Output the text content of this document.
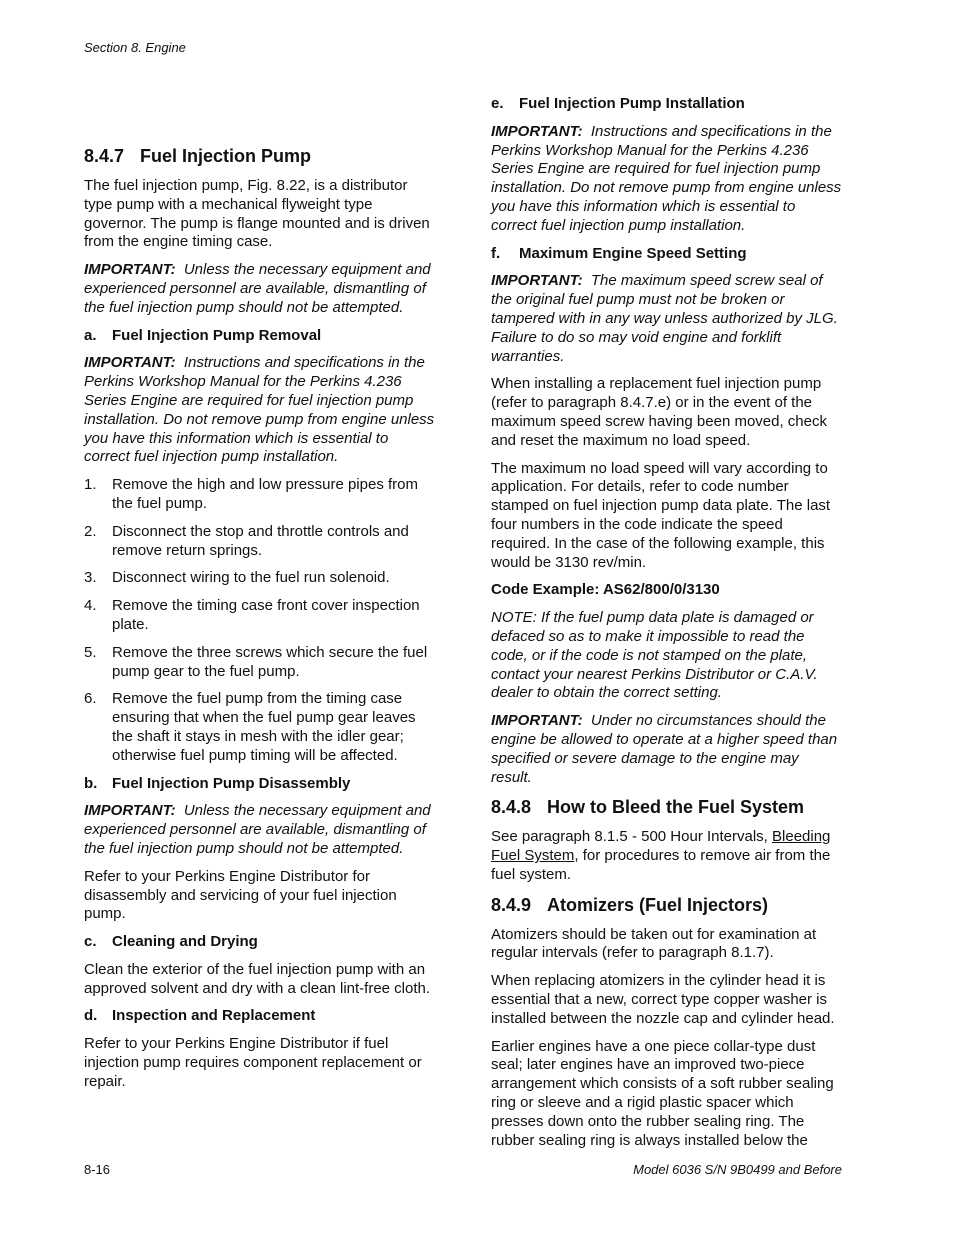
Section 8. Engine
8.4.7 Fuel Injection Pump

The fuel injection pump, Fig. 8.22, is a distributor type pump with a mechanical flyweight type governor. The pump is flange mounted and is driven from the engine timing case.

IMPORTANT: Unless the necessary equipment and experienced personnel are available, dismantling of the fuel injection pump should not be attempted.

a. Fuel Injection Pump Removal

IMPORTANT: Instructions and specifications in the Perkins Workshop Manual for the Perkins 4.236 Series Engine are required for fuel injection pump installation. Do not remove pump from engine unless you have this information which is essential to correct fuel injection pump installation.

1. Remove the high and low pressure pipes from the fuel pump.
2. Disconnect the stop and throttle controls and remove return springs.
3. Disconnect wiring to the fuel run solenoid.
4. Remove the timing case front cover inspection plate.
5. Remove the three screws which secure the fuel pump gear to the fuel pump.
6. Remove the fuel pump from the timing case ensuring that when the fuel pump gear leaves the shaft it stays in mesh with the idler gear; otherwise fuel pump timing will be affected.
b. Fuel Injection Pump Disassembly

IMPORTANT: Unless the necessary equipment and experienced personnel are available, dismantling of the fuel injection pump should not be attempted.

Refer to your Perkins Engine Distributor for disassembly and servicing of your fuel injection pump.

c. Cleaning and Drying

Clean the exterior of the fuel injection pump with an approved solvent and dry with a clean lint-free cloth.

d. Inspection and Replacement

Refer to your Perkins Engine Distributor if fuel injection pump requires component replacement or repair.

e. Fuel Injection Pump Installation

IMPORTANT: Instructions and specifications in the Perkins Workshop Manual for the Perkins 4.236 Series Engine are required for fuel injection pump installation. Do not remove pump from engine unless you have this information which is essential to correct fuel injection pump installation.

f. Maximum Engine Speed Setting

IMPORTANT: The maximum speed screw seal of the original fuel pump must not be broken or tampered with in any way unless authorized by JLG. Failure to do so may void engine and forklift warranties.

When installing a replacement fuel injection pump (refer to paragraph 8.4.7.e) or in the event of the maximum speed screw having been moved, check and reset the maximum no load speed.

The maximum no load speed will vary according to application. For details, refer to code number stamped on fuel injection pump data plate. The last four numbers in the code indicate the speed required. In the case of the following example, this would be 3130 rev/min.

Code Example: AS62/800/0/3130

NOTE: If the fuel pump data plate is damaged or defaced so as to make it impossible to read the code, or if the code is not stamped on the plate, contact your nearest Perkins Distributor or C.A.V. dealer to obtain the correct setting.

IMPORTANT: Under no circumstances should the engine be allowed to operate at a higher speed than specified or severe damage to the engine may result.

8.4.8 How to Bleed the Fuel System

See paragraph 8.1.5 - 500 Hour Intervals, Bleeding Fuel System, for procedures to remove air from the fuel system.

8.4.9 Atomizers (Fuel Injectors)

Atomizers should be taken out for examination at regular intervals (refer to paragraph 8.1.7).

When replacing atomizers in the cylinder head it is essential that a new, correct type copper washer is installed between the nozzle cap and cylinder head.

Earlier engines have a one piece collar-type dust seal; later engines have an improved two-piece arrangement which consists of a soft rubber sealing ring or sleeve and a rigid plastic spacer which presses down onto the rubber sealing ring. The rubber sealing ring is always installed below the

8-16	Model 6036 S/N 9B0499 and Before
